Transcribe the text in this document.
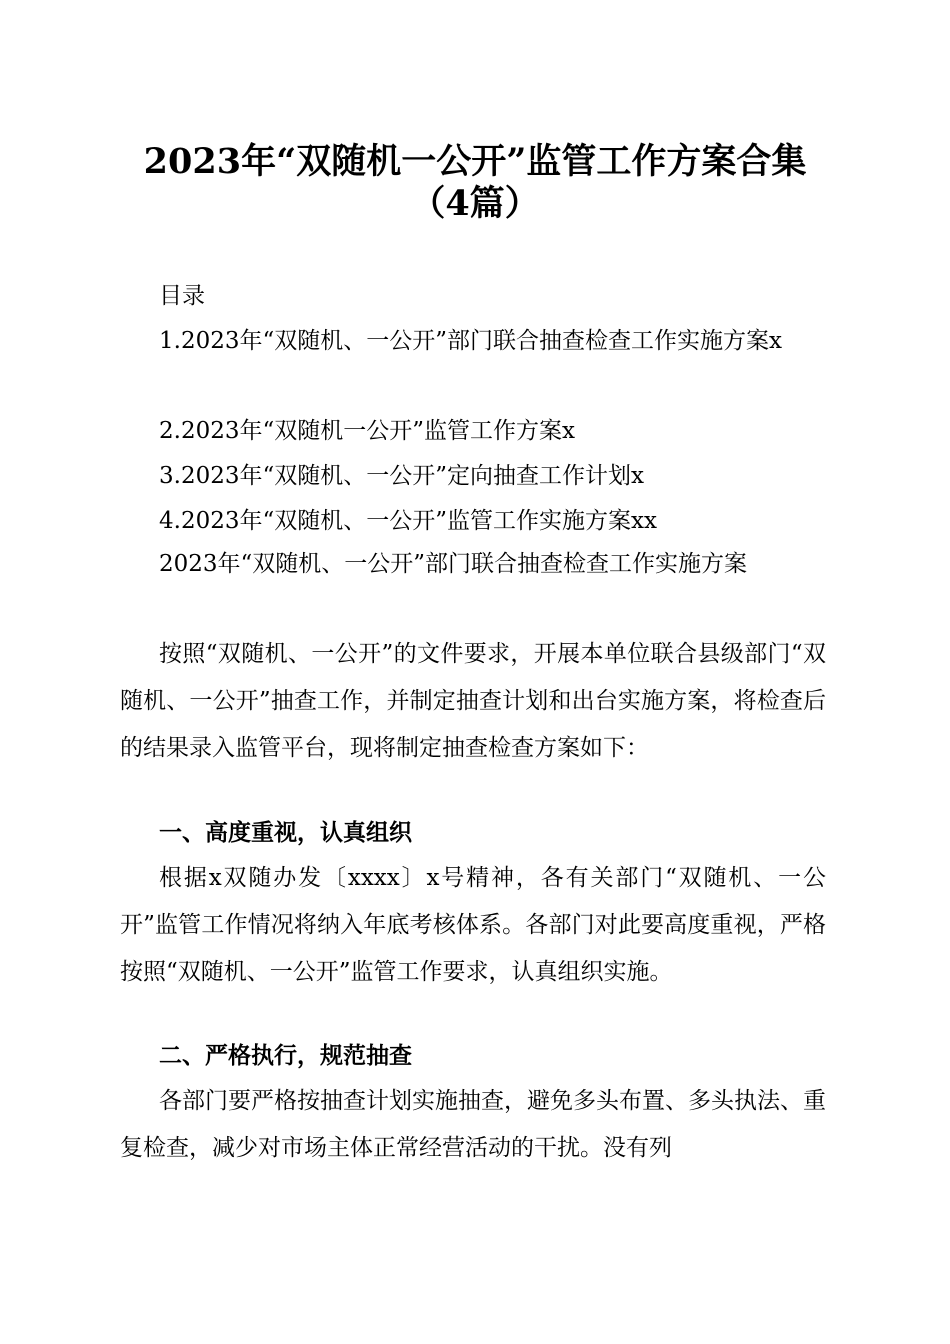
2023年“双随机一公开”监管工作方案合集
（4篇）

目录

1.2023年“双随机、一公开”部门联合抽查检查工作实施方案x

2.2023年“双随机一公开”监管工作方案x

3.2023年“双随机、一公开”定向抽查工作计划x

4.2023年“双随机、一公开”监管工作实施方案xx

2023年“双随机、一公开”部门联合抽查检查工作实施方案

按照“双随机、一公开”的文件要求，开展本单位联合县级部门“双随机、一公开”抽查工作，并制定抽查计划和出台实施方案，将检查后的结果录入监管平台，现将制定抽查检查方案如下：

一、高度重视，认真组织

根据x双随办发〔xxxx〕x号精神，各有关部门“双随机、一公开”监管工作情况将纳入年底考核体系。各部门对此要高度重视，严格按照“双随机、一公开”监管工作要求，认真组织实施。

二、严格执行，规范抽查

各部门要严格按抽查计划实施抽查，避免多头布置、多头执法、重复检查，减少对市场主体正常经营活动的干扰。没有列
